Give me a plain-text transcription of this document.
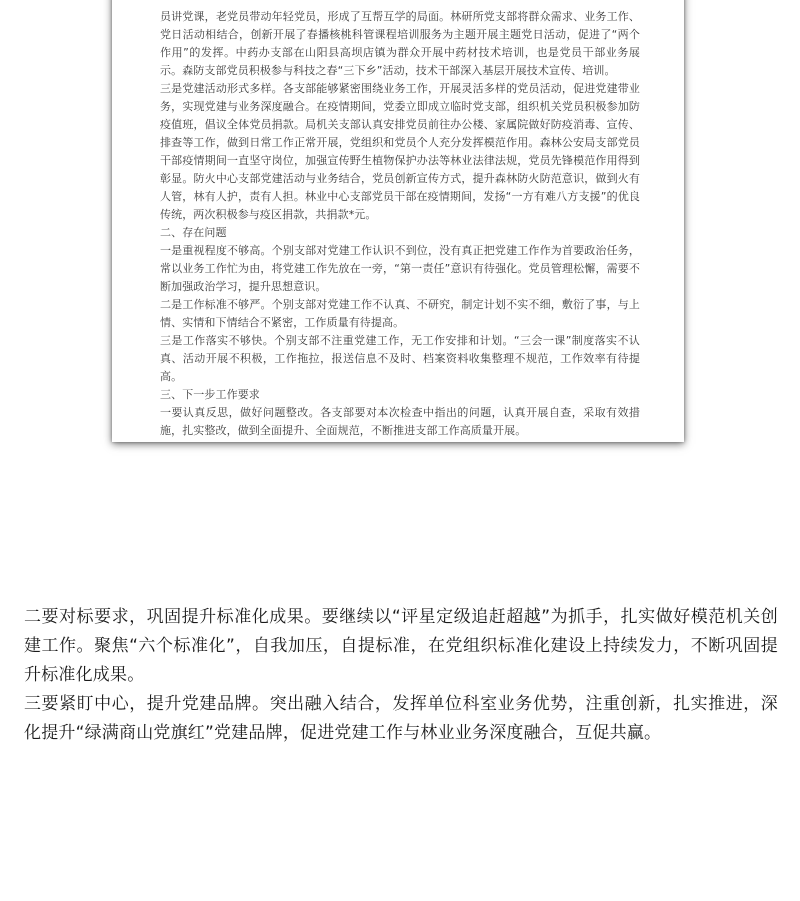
员讲党课，老党员带动年轻党员，形成了互帮互学的局面。林研所党支部将群众需求、业务工作、党日活动相结合，创新开展了春播核桃科管课程培训服务为主题开展主题党日活动，促进了“两个作用”的发挥。中药办支部在山阳县高坝店镇为群众开展中药材技术培训，也是党员干部业务展示。森防支部党员积极参与科技之春“三下乡”活动，技术干部深入基层开展技术宣传、培训。

三是党建活动形式多样。各支部能够紧密围绕业务工作，开展灵活多样的党员活动，促进党建带业务，实现党建与业务深度融合。在疫情期间，党委立即成立临时党支部，组织机关党员积极参加防疫值班，倡议全体党员捐款。局机关支部认真安排党员前往办公楼、家属院做好防疫消毒、宣传、排查等工作，做到日常工作正常开展，党组织和党员个人充分发挥模范作用。森林公安局支部党员干部疫情期间一直坚守岗位，加强宣传野生植物保护办法等林业法律法规，党员先锋模范作用得到彰显。防火中心支部党建活动与业务结合，党员创新宣传方式，提升森林防火防范意识，做到火有人管，林有人护，责有人担。林业中心支部党员干部在疫情期间，发扬“一方有难八方支援”的优良传统，两次积极参与疫区捐款，共捐款*元。

二、存在问题

一是重视程度不够高。个别支部对党建工作认识不到位，没有真正把党建工作作为首要政治任务，常以业务工作忙为由，将党建工作先放在一旁，“第一责任”意识有待强化。党员管理松懈，需要不断加强政治学习，提升思想意识。

二是工作标准不够严。个别支部对党建工作不认真、不研究，制定计划不实不细，敷衍了事，与上情、实情和下情结合不紧密，工作质量有待提高。

三是工作落实不够快。个别支部不注重党建工作，无工作安排和计划。“三会一课”制度落实不认真、活动开展不积极，工作拖拉，报送信息不及时、档案资料收集整理不规范，工作效率有待提高。

三、下一步工作要求

一要认真反思，做好问题整改。各支部要对本次检查中指出的问题，认真开展自查，采取有效措施，扎实整改，做到全面提升、全面规范，不断推进支部工作高质量开展。

二要对标要求，巩固提升标准化成果。要继续以“评星定级追赶超越”为抓手，扎实做好模范机关创建工作。聚焦“六个标准化”，自我加压，自提标准，在党组织标准化建设上持续发力，不断巩固提升标准化成果。

三要紧盯中心，提升党建品牌。突出融入结合，发挥单位科室业务优势，注重创新，扎实推进，深化提升“绿满商山党旗红”党建品牌，促进党建工作与林业业务深度融合，互促共赢。
